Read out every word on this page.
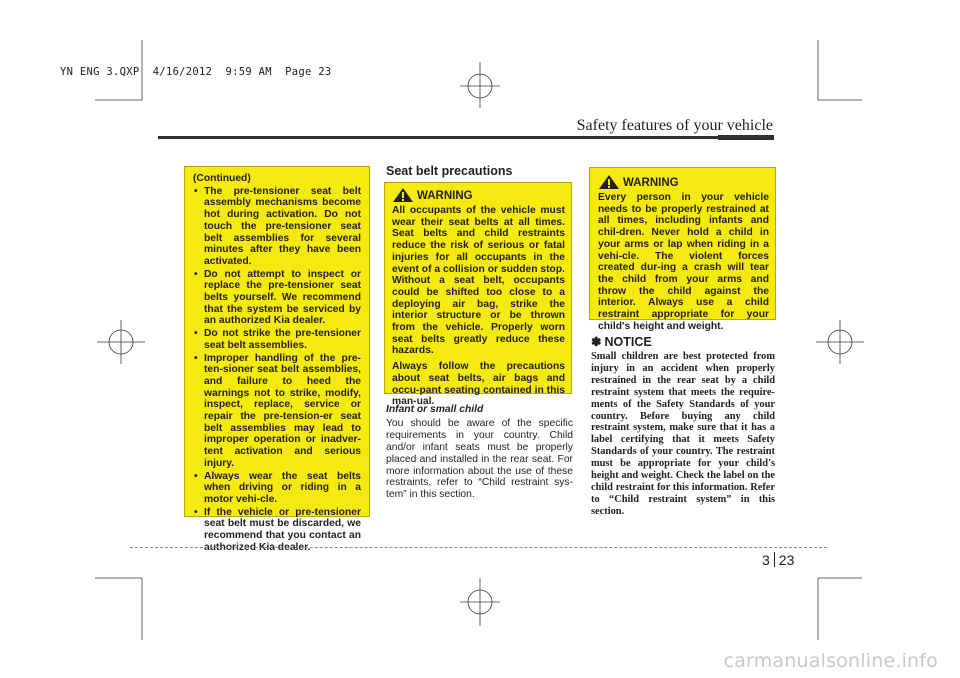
YN ENG 3.QXP  4/16/2012  9:59 AM  Page 23
Safety features of your vehicle
(Continued)
• The pre-tensioner seat belt assembly mechanisms become hot during activation. Do not touch the pre-tensioner seat belt assemblies for several minutes after they have been activated.
• Do not attempt to inspect or replace the pre-tensioner seat belts yourself. We recommend that the system be serviced by an authorized Kia dealer.
• Do not strike the pre-tensioner seat belt assemblies.
• Improper handling of the pre-ten-sioner seat belt assemblies, and failure to heed the warnings not to strike, modify, inspect, replace, service or repair the pre-tension-er seat belt assemblies may lead to improper operation or inadver-tent activation and serious injury.
• Always wear the seat belts when driving or riding in a motor vehi-cle.
• If the vehicle or pre-tensioner seat belt must be discarded, we recommend that you contact an authorized Kia dealer.
Seat belt precautions
WARNING

All occupants of the vehicle must wear their seat belts at all times. Seat belts and child restraints reduce the risk of serious or fatal injuries for all occupants in the event of a collision or sudden stop. Without a seat belt, occupants could be shifted too close to a deploying air bag, strike the interior structure or be thrown from the vehicle. Properly worn seat belts greatly reduce these hazards.

Always follow the precautions about seat belts, air bags and occu-pant seating contained in this man-ual.

Infant or small child

You should be aware of the specific requirements in your country. Child and/or infant seats must be properly placed and installed in the rear seat. For more information about the use of these restraints, refer to “Child restraint sys-tem” in this section.

WARNING

Every person in your vehicle needs to be properly restrained at all times, including infants and chil-dren. Never hold a child in your arms or lap when riding in a vehi-cle. The violent forces created dur-ing a crash will tear the child from your arms and throw the child against the interior. Always use a child restraint appropriate for your child's height and weight.

✽ NOTICE

Small children are best protected from injury in an accident when properly restrained in the rear seat by a child restraint system that meets the require-ments of the Safety Standards of your country. Before buying any child restraint system, make sure that it has a label certifying that it meets Safety Standards of your country. The restraint must be appropriate for your child's height and weight. Check the label on the child restraint for this information. Refer to “Child restraint system” in this section.

3 23
carmanualsonline.info
